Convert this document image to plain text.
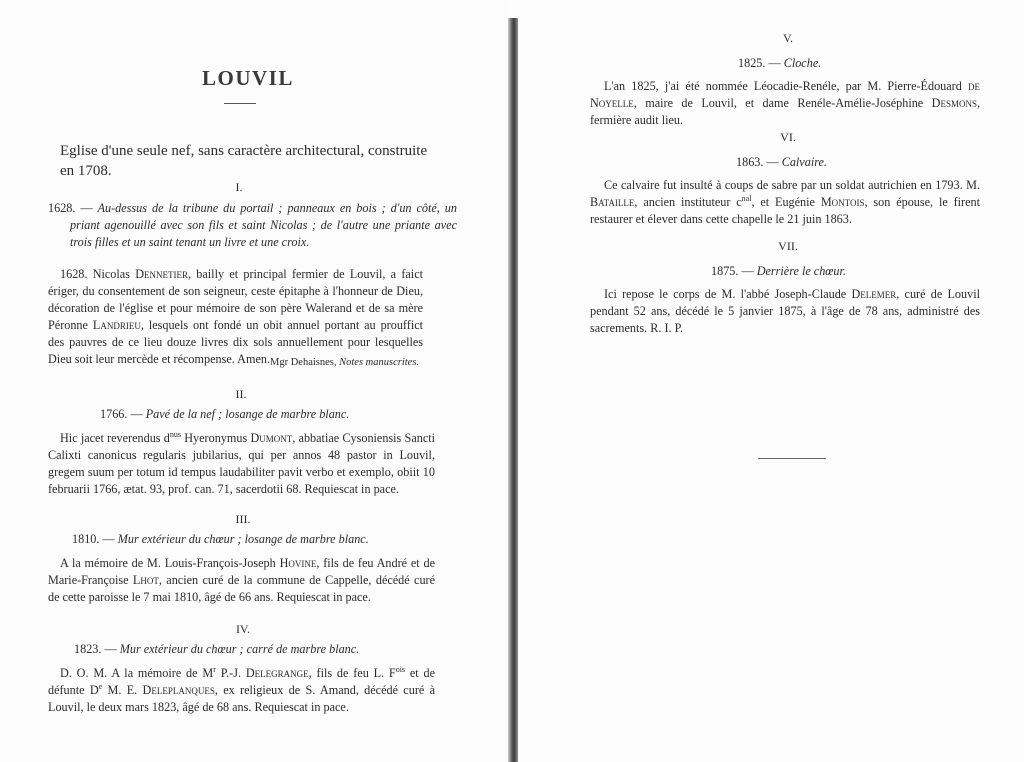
LOUVIL
Eglise d'une seule nef, sans caractère architectural, construite en 1708.
I.
1628. — Au-dessus de la tribune du portail ; panneaux en bois ; d'un côté, un priant agenouillé avec son fils et saint Nicolas ; de l'autre une priante avec trois filles et un saint tenant un livre et une croix.
1628. Nicolas Dennetier, bailly et principal fermier de Louvil, a faict ériger, du consentement de son seigneur, ceste épitaphe à l'honneur de Dieu, décoration de l'église et pour mémoire de son père Walerand et de sa mère Péronne Landrieu, lesquels ont fondé un obit annuel portant au prouffict des pauvres de ce lieu douze livres dix sols annuellement pour lesquelles Dieu soit leur mercède et récompense. Amen. Mgr Dehaisnes, Notes manuscrites.
II.
1766. — Pavé de la nef ; losange de marbre blanc.
Hic jacet reverendus $d^{nus}$ Hyeronymus Dumont, abbatiae Cysoniensis Sancti Calixti canonicus regularis jubilarius, qui per annos 48 pastor in Louvil, gregem suum per totum id tempus laudabiliter pavit verbo et exemplo, obiit 10 februarii 1766, ætat. 93, prof. can. 71, sacerdotii 68. Requiescat in pace.
III.
1810. — Mur extérieur du chœur ; losange de marbre blanc.
A la mémoire de M. Louis-François-Joseph Hovine, fils de feu André et de Marie-Françoise Lhot, ancien curé de la commune de Cappelle, décédé curé de cette paroisse le 7 mai 1810, âgé de 66 ans. Requiescat in pace.
IV.
1823. — Mur extérieur du chœur ; carré de marbre blanc.
D. O. M. A la mémoire de $M^r$ P.-J. Delegrange, fils de feu L. $F^{ois}$ et de défunte De M. E. Deleplanques, ex religieux de S. Amand, décédé curé à Louvil, le deux mars 1823, âgé de 68 ans. Requiescat in pace.
V.
1825. — Cloche.
L'an 1825, j'ai été nommée Léocadie-Renéle, par M. Pierre-Édouard de Noyelle, maire de Louvil, et dame Renéle-Amélie-Joséphine Desmons, fermière audit lieu.
VI.
1863. — Calvaire.
Ce calvaire fut insulté à coups de sabre par un soldat autrichien en 1793. M. Bataille, ancien instituteur $c^{nal}$, et Eugénie Montois, son épouse, le firent restaurer et élever dans cette chapelle le 21 juin 1863.
VII.
1875. — Derrière le chœur.
Ici repose le corps de M. l'abbé Joseph-Claude Delemer, curé de Louvil pendant 52 ans, décédé le 5 janvier 1875, à l'âge de 78 ans, administré des sacrements. R. I. P.
